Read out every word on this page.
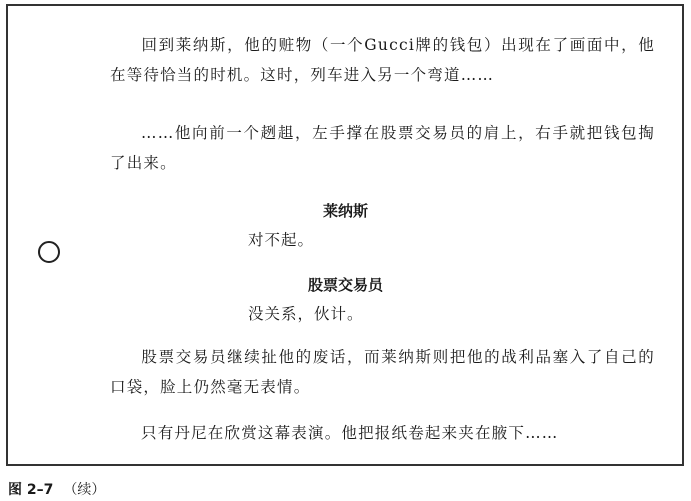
回到莱纳斯，他的赃物（一个Gucci牌的钱包）出现在了画面中，他在等待恰当的时机。这时，列车进入另一个弯道……

……他向前一个趔趄，左手撑在股票交易员的肩上，右手就把钱包掏了出来。

莱纳斯

对不起。

股票交易员

没关系，伙计。

股票交易员继续扯他的废话，而莱纳斯则把他的战利品塞入了自己的口袋，脸上仍然毫无表情。

只有丹尼在欣赏这幕表演。他把报纸卷起来夹在腋下……

图 2–7 （续）
